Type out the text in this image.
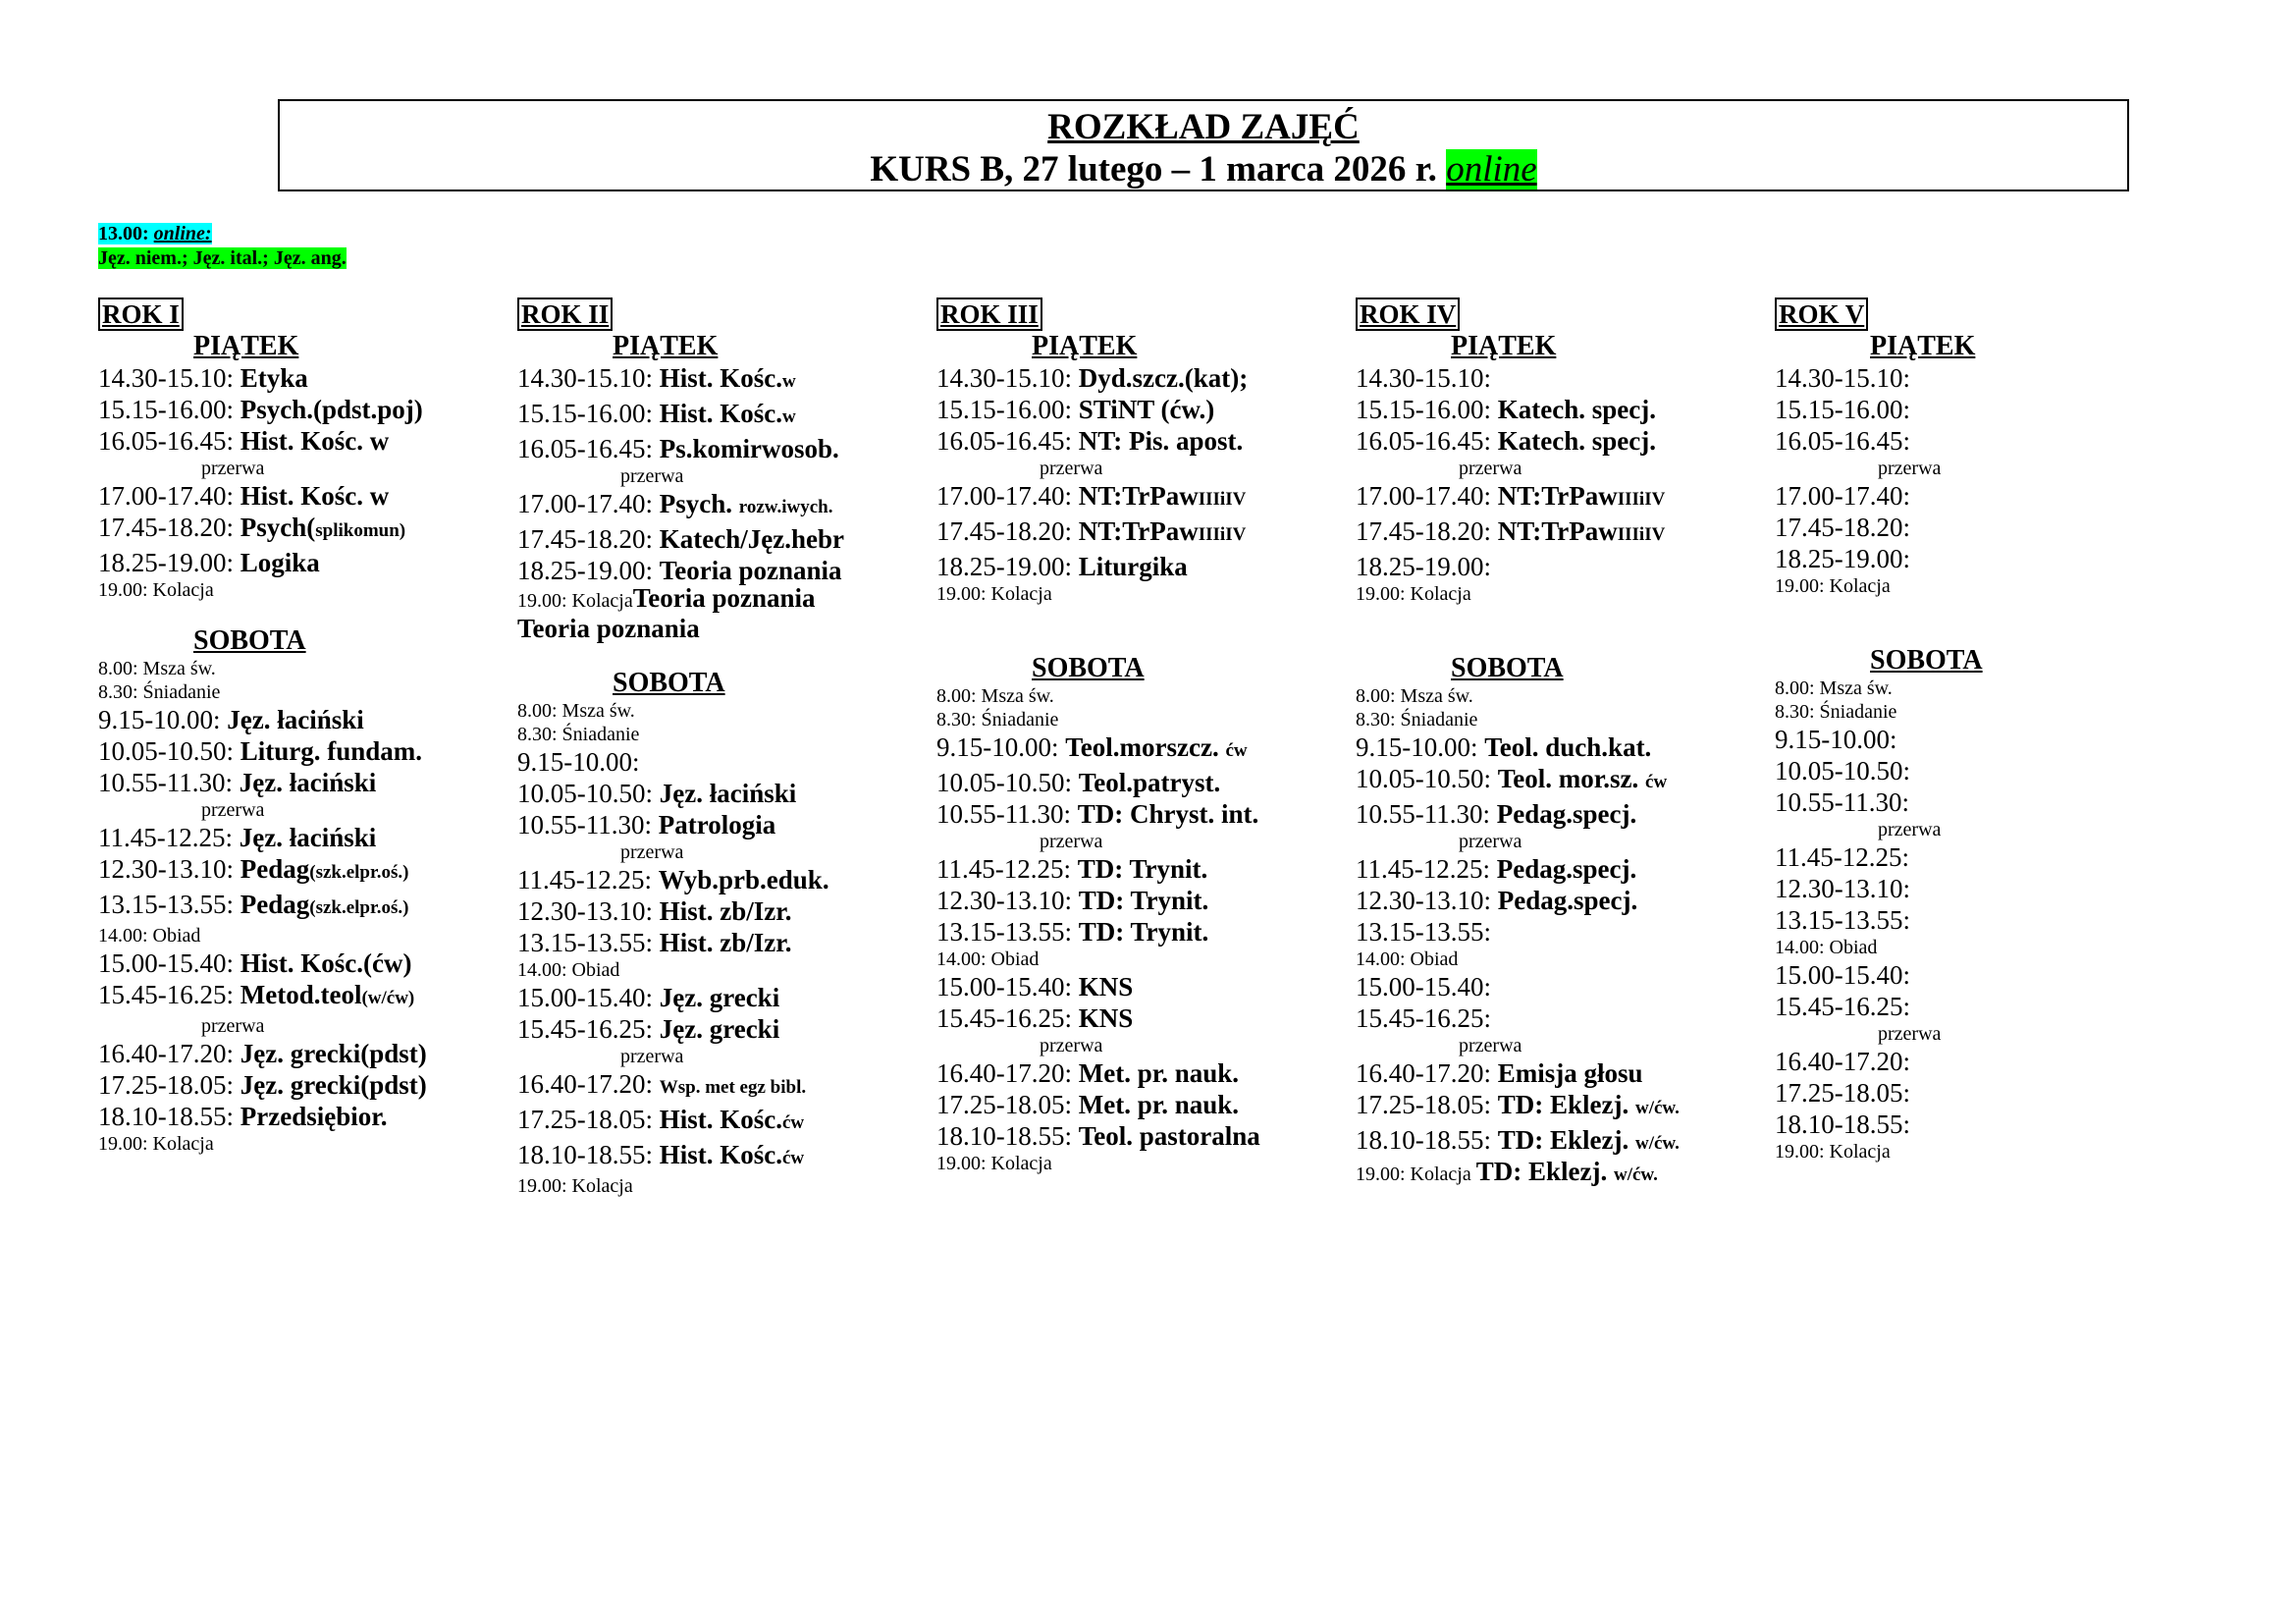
ROZKŁAD ZAJĘĆ
KURS B, 27 lutego – 1 marca 2026 r. online
13.00: online:
Jęz. niem.; Jęz. ital.; Jęz. ang.
ROK I
PIĄTEK
14.30-15.10: Etyka
15.15-16.00: Psych.(pdst.poj)
16.05-16.45: Hist. Kośc. w
przerwa
17.00-17.40: Hist. Kośc. w
17.45-18.20: Psych(splikomun)
18.25-19.00: Logika
19.00: Kolacja
SOBOTA
8.00: Msza św.
8.30: Śniadanie
9.15-10.00: Jęz. łaciński
10.05-10.50: Liturg. fundam.
10.55-11.30: Jęz. łaciński
przerwa
11.45-12.25: Jęz. łaciński
12.30-13.10: Pedag(szk.elpr.oś.)
13.15-13.55: Pedag(szk.elpr.oś.)
14.00: Obiad
15.00-15.40: Hist. Kośc.(ćw)
15.45-16.25: Metod.teol(w/ćw)
przerwa
16.40-17.20: Jęz. grecki(pdst)
17.25-18.05: Jęz. grecki(pdst)
18.10-18.55: Przedsiębior.
19.00: Kolacja
ROK II
PIĄTEK
14.30-15.10: Hist. Kośc.w
15.15-16.00: Hist. Kośc.w
16.05-16.45: Ps.komirwosob.
przerwa
17.00-17.40: Psych. rozw.iwych.
17.45-18.20: Katech/Jęz.hebr
18.25-19.00: Teoria poznania
19.00: KolacjaTeoria poznania
Teoria poznania
SOBOTA
8.00: Msza św.
8.30: Śniadanie
9.15-10.00:
10.05-10.50: Jęz. łaciński
10.55-11.30: Patrologia
przerwa
11.45-12.25: Wyb.prb.eduk.
12.30-13.10: Hist. zb/Izr.
13.15-13.55: Hist. zb/Izr.
14.00: Obiad
15.00-15.40: Jęz. grecki
15.45-16.25: Jęz. grecki
przerwa
16.40-17.20: Wsp. met egz bibl.
17.25-18.05: Hist. Kośc.ćw
18.10-18.55: Hist. Kośc.ćw
19.00: Kolacja
ROK III
PIĄTEK
14.30-15.10: Dyd.szcz.(kat);
15.15-16.00: STiNT (ćw.)
16.05-16.45: NT: Pis. apost.
przerwa
17.00-17.40: NT:TrPawIIIiIV
17.45-18.20: NT:TrPawIIIiIV
18.25-19.00: Liturgika
19.00: Kolacja
SOBOTA
8.00: Msza św.
8.30: Śniadanie
9.15-10.00: Teol.morszcz. ćw
10.05-10.50: Teol.patryst.
10.55-11.30: TD: Chryst. int.
przerwa
11.45-12.25: TD: Trynit.
12.30-13.10: TD: Trynit.
13.15-13.55: TD: Trynit.
14.00: Obiad
15.00-15.40: KNS
15.45-16.25: KNS
przerwa
16.40-17.20: Met. pr. nauk.
17.25-18.05: Met. pr. nauk.
18.10-18.55: Teol. pastoralna
19.00: Kolacja
ROK IV
PIĄTEK
14.30-15.10:
15.15-16.00: Katech. specj.
16.05-16.45: Katech. specj.
przerwa
17.00-17.40: NT:TrPawIIIiIV
17.45-18.20: NT:TrPawIIIiIV
18.25-19.00:
19.00: Kolacja
SOBOTA
8.00: Msza św.
8.30: Śniadanie
9.15-10.00: Teol. duch.kat.
10.05-10.50: Teol. mor.sz. ćw
10.55-11.30: Pedag.specj.
przerwa
11.45-12.25: Pedag.specj.
12.30-13.10: Pedag.specj.
13.15-13.55:
14.00: Obiad
15.00-15.40:
15.45-16.25:
przerwa
16.40-17.20: Emisja głosu
17.25-18.05: TD: Eklezj. w/ćw.
18.10-18.55: TD: Eklezj. w/ćw.
19.00: Kolacja TD: Eklezj. w/ćw.
ROK V
PIĄTEK
14.30-15.10:
15.15-16.00:
16.05-16.45:
przerwa
17.00-17.40:
17.45-18.20:
18.25-19.00:
19.00: Kolacja
SOBOTA
8.00: Msza św.
8.30: Śniadanie
9.15-10.00:
10.05-10.50:
10.55-11.30:
przerwa
11.45-12.25:
12.30-13.10:
13.15-13.55:
14.00: Obiad
15.00-15.40:
15.45-16.25:
przerwa
16.40-17.20:
17.25-18.05:
18.10-18.55:
19.00: Kolacja
